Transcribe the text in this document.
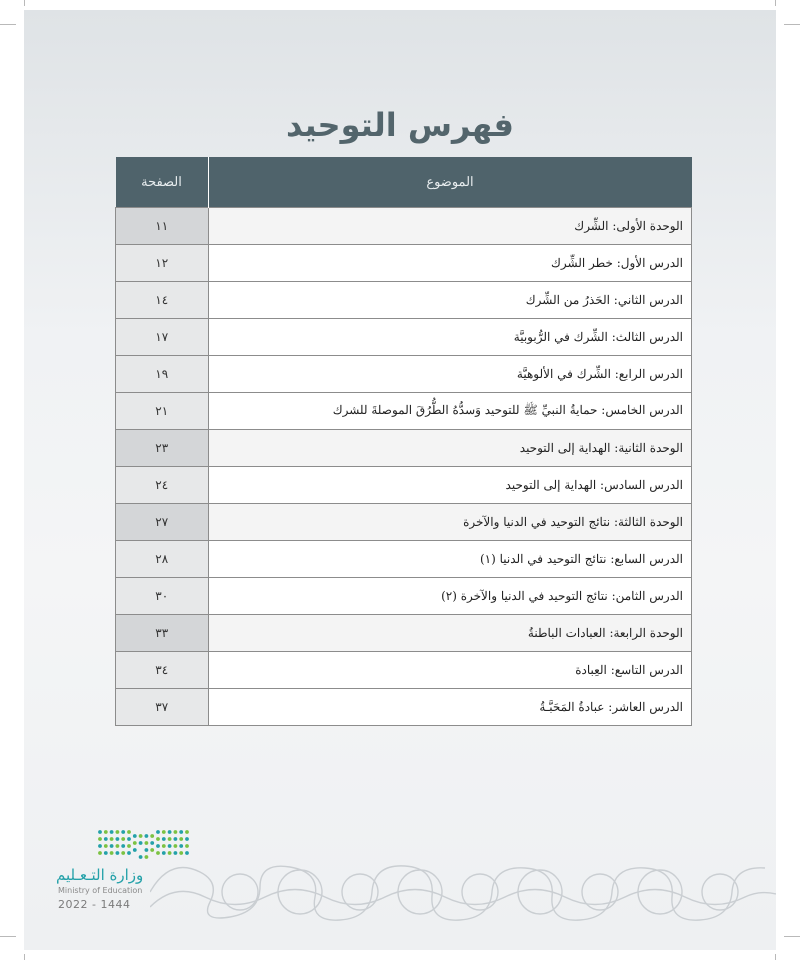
فهرس التوحيد
الموضوع	الصفحة
الوحدة الأولى: الشِّرك	١١
الدرس الأول: خطر الشِّرك	١٢
الدرس الثاني: الحَذرُ من الشِّرك	١٤
الدرس الثالث: الشِّرك في الرُّبوبيَّة	١٧
الدرس الرابع: الشِّرك في الألوهيَّة	١٩
الدرس الخامس: حمايةُ النبيِّ ﷺ للتوحيد وَسدُّهُ الطُّرُقَ الموصلةَ للشرك	٢١
الوحدة الثانية: الهداية إلى التوحيد	٢٣
الدرس السادس: الهداية إلى التوحيد	٢٤
الوحدة الثالثة: نتائج التوحيد في الدنيا والآخرة	٢٧
الدرس السابع: نتائج التوحيد في الدنيا (١)	٢٨
الدرس الثامن: نتائج التوحيد في الدنيا والآخرة (٢)	٣٠
الوحدة الرابعة: العبادات الباطنةُ	٣٣
الدرس التاسع: العِبادة	٣٤
الدرس العاشر: عبادةُ المَحَبَّـةُ	٣٧
وزارة التـعـليم
Ministry of Education
2022 - 1444
